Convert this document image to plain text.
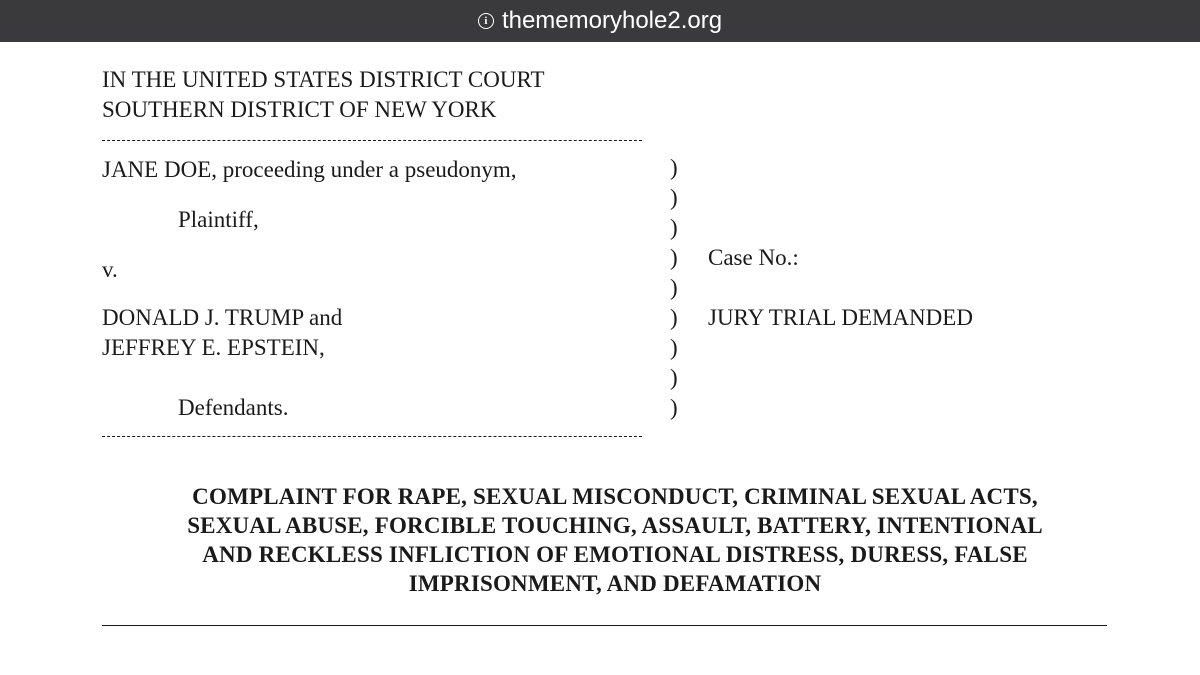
i thememoryhole2.org
IN THE UNITED STATES DISTRICT COURT
SOUTHERN DISTRICT OF NEW YORK
JANE DOE, proceeding under a pseudonym,
Plaintiff,
v.
DONALD J. TRUMP and
JEFFREY E. EPSTEIN,
Defendants.
)
)
)
)
)
)
)
)
)
Case No.:
JURY TRIAL DEMANDED
COMPLAINT FOR RAPE, SEXUAL MISCONDUCT, CRIMINAL SEXUAL ACTS,
SEXUAL ABUSE, FORCIBLE TOUCHING, ASSAULT, BATTERY, INTENTIONAL
AND RECKLESS INFLICTION OF EMOTIONAL DISTRESS, DURESS, FALSE
IMPRISONMENT, AND DEFAMATION
